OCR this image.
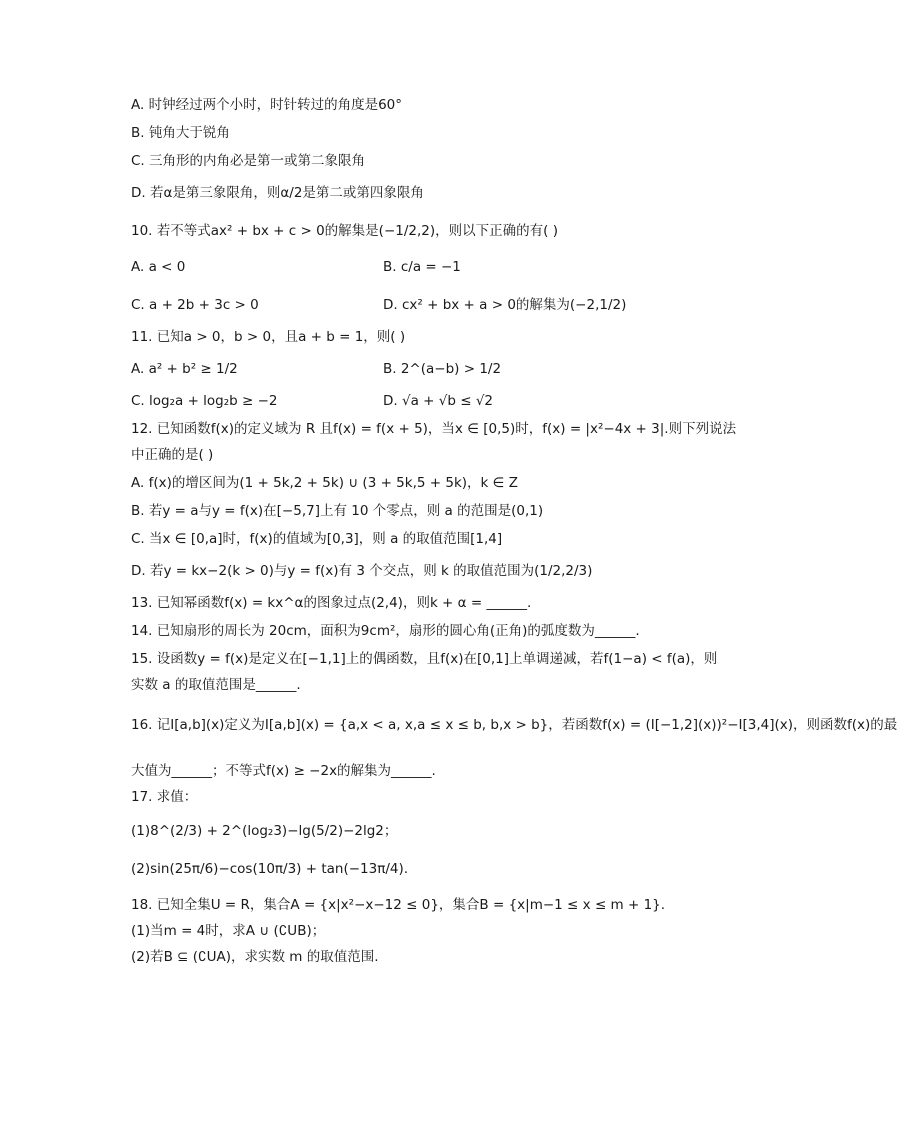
A. 时钟经过两个小时，时针转过的角度是60°
B. 钝角大于锐角
C. 三角形的内角必是第一或第二象限角
D. 若α是第三象限角，则α/2是第二或第四象限角
10. 若不等式ax² + bx + c > 0的解集是(−1/2,2)，则以下正确的有( )
A. a < 0	B. c/a = −1
C. a + 2b + 3c > 0	D. cx² + bx + a > 0的解集为(−2,1/2)
11. 已知a > 0，b > 0，且a + b = 1，则( )
A. a² + b² ≥ 1/2	B. 2^(a−b) > 1/2
C. log₂a + log₂b ≥ −2	D. √a + √b ≤ √2
12. 已知函数f(x)的定义域为 R 且f(x) = f(x + 5)，当x ∈ [0,5)时，f(x) = |x²−4x + 3|.则下列说法
中正确的是( )
A. f(x)的增区间为(1 + 5k,2 + 5k) ∪ (3 + 5k,5 + 5k)，k ∈ Z
B. 若y = a与y = f(x)在[−5,7]上有 10 个零点，则 a 的范围是(0,1)
C. 当x ∈ [0,a]时，f(x)的值域为[0,3]，则 a 的取值范围[1,4]
D. 若y = kx−2(k > 0)与y = f(x)有 3 个交点，则 k 的取值范围为(1/2,2/3)
13. 已知幂函数f(x) = kx^α的图象过点(2,4)，则k + α = ______.
14. 已知扇形的周长为 20cm，面积为9cm²，扇形的圆心角(正角)的弧度数为______.
15. 设函数y = f(x)是定义在[−1,1]上的偶函数，且f(x)在[0,1]上单调递减，若f(1−a) < f(a)，则
实数 a 的取值范围是______.
16. 记I[a,b](x)定义为I[a,b](x) = {a,x < a, x,a ≤ x ≤ b, b,x > b}，若函数f(x) = (I[−1,2](x))²−I[3,4](x)，则函数f(x)的最
大值为______；不等式f(x) ≥ −2x的解集为______.
17. 求值：
(1)8^(2/3) + 2^(log₂3)−lg(5/2)−2lg2；
(2)sin(25π/6)−cos(10π/3) + tan(−13π/4).
18. 已知全集U = R，集合A = {x|x²−x−12 ≤ 0}，集合B = {x|m−1 ≤ x ≤ m + 1}.
(1)当m = 4时，求A ∪ (∁UB)；
(2)若B ⊆ (∁UA)，求实数 m 的取值范围.
